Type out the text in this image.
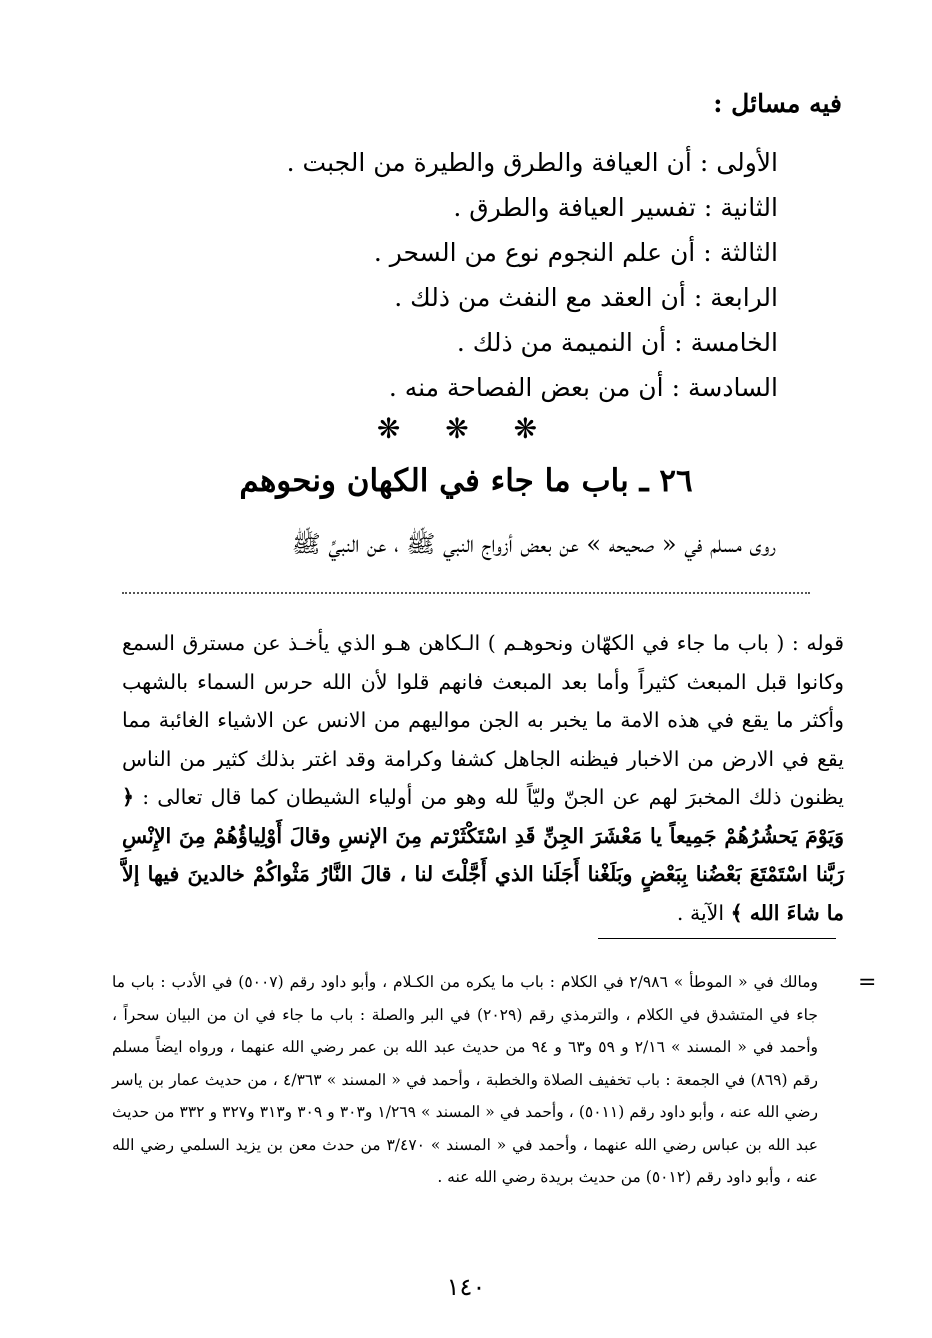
فيه مسائل :
الأولى:أن العيافة والطرق والطيرة من الجبت .
الثانية:تفسير العيافة والطرق .
الثالثة:أن علم النجوم نوع من السحر .
الرابعة:أن العقد مع النفث من ذلك .
الخامسة:أن النميمة من ذلك .
السادسة:أن من بعض الفصاحة منه .
❋ ❋ ❋
٢٦ ـ باب ما جاء في الكهان ونحوهم
روى مسلم في « صحيحه » عن بعض أزواج النبي ﷺ ، عن النبيِّ ﷺ
قوله : ( باب ما جاء في الكهّان ونحوهـم ) الـكاهن هـو الذي يأخـذ عن مسترق السمع وكانوا قبل المبعث كثيراً وأما بعد المبعث فانهم قلوا لأن الله حرس السماء بالشهب وأكثر ما يقع في هذه الامة ما يخبر به الجن مواليهم من الانس عن الاشياء الغائبة مما يقع في الارض من الاخبار فيظنه الجاهل كشفا وكرامة وقد اغتر بذلك كثير من الناس يظنون ذلك المخبرَ لهم عن الجنّ وليّاً لله وهو من أولياء الشيطان كما قال تعالى : ﴿ وَيَوْمَ يَحشُرُهُمْ جَمِيعاً يا مَعْشَرَ الجِنِّ قَدِ اسْتَكْثَرْتم مِنَ الإنسِ وقالَ أَوْلِياؤُهُمْ مِنَ الإِنْسِ رَبَّنا اسْتَمْتَعَ بَعْضُنا بِبَعْضٍ وبَلَغْنا أَجَلَنا الذي أَجَّلْتَ لنا ، قالَ النَّارُ مَثْواكُمْ خالدينَ فيها إلاَّ ما شاءَ الله ﴾ الآية .
=
ومالك في « الموطأ » ٢/٩٨٦ في الكلام : باب ما يكره من الكـلام ، وأبو داود رقم (٥٠٠٧) في الأدب : باب ما جاء في المتشدق في الكلام ، والترمذي رقم (٢٠٢٩) في البر والصلة : باب ما جاء في ان من البيان سحراً ، وأحمد في « المسند » ٢/١٦ و ٥٩ و٦٣ و ٩٤ من حديث عبد الله بن عمر رضي الله عنهما ، ورواه ايضاً مسلم رقم (٨٦٩) في الجمعة : باب تخفيف الصلاة والخطبة ، وأحمد في « المسند » ٤/٣٦٣ ، من حديث عمار بن ياسر رضي الله عنه ، وأبو داود رقم (٥٠١١) ، وأحمد في « المسند » ١/٢٦٩ و٣٠٣ و ٣٠٩ و٣١٣ و٣٢٧ و ٣٣٢ من حديث عبد الله بن عباس رضي الله عنهما ، وأحمد في « المسند » ٣/٤٧٠ من حدث معن بن يزيد السلمي رضي الله عنه ، وأبو داود رقم (٥٠١٢) من حديث بريدة رضي الله عنه .
١٤٠
